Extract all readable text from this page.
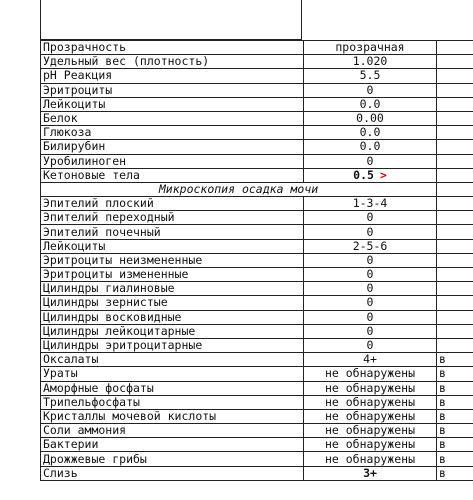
Прозрачность	прозрачная	
Удельный вес (плотность)	1.020	
pH Реакция	5.5	
Эритроциты	0	
Лейкоциты	0.0	
Белок	0.00	
Глюкоза	0.0	
Билирубин	0.0	
Уробилиноген	0	
Кетоновые тела	0.5 >	
Микроскопия осадка мочи		
Эпителий плоский	1-3-4	
Эпителий переходный	0	
Эпителий почечный	0	
Лейкоциты	2-5-6	
Эритроциты неизмененные	0	
Эритроциты измененные	0	
Цилиндры гиалиновые	0	
Цилиндры зернистые	0	
Цилиндры восковидные	0	
Цилиндры лейкоцитарные	0	
Цилиндры эритроцитарные	0	
Оксалаты	4+	в
Ураты	не обнаружены	в
Аморфные фосфаты	не обнаружены	в
Трипельфосфаты	не обнаружены	в
Кристаллы мочевой кислоты	не обнаружены	в
Соли аммония	не обнаружены	в
Бактерии	не обнаружены	в
Дрожжевые грибы	не обнаружены	в
Слизь	3+	в
